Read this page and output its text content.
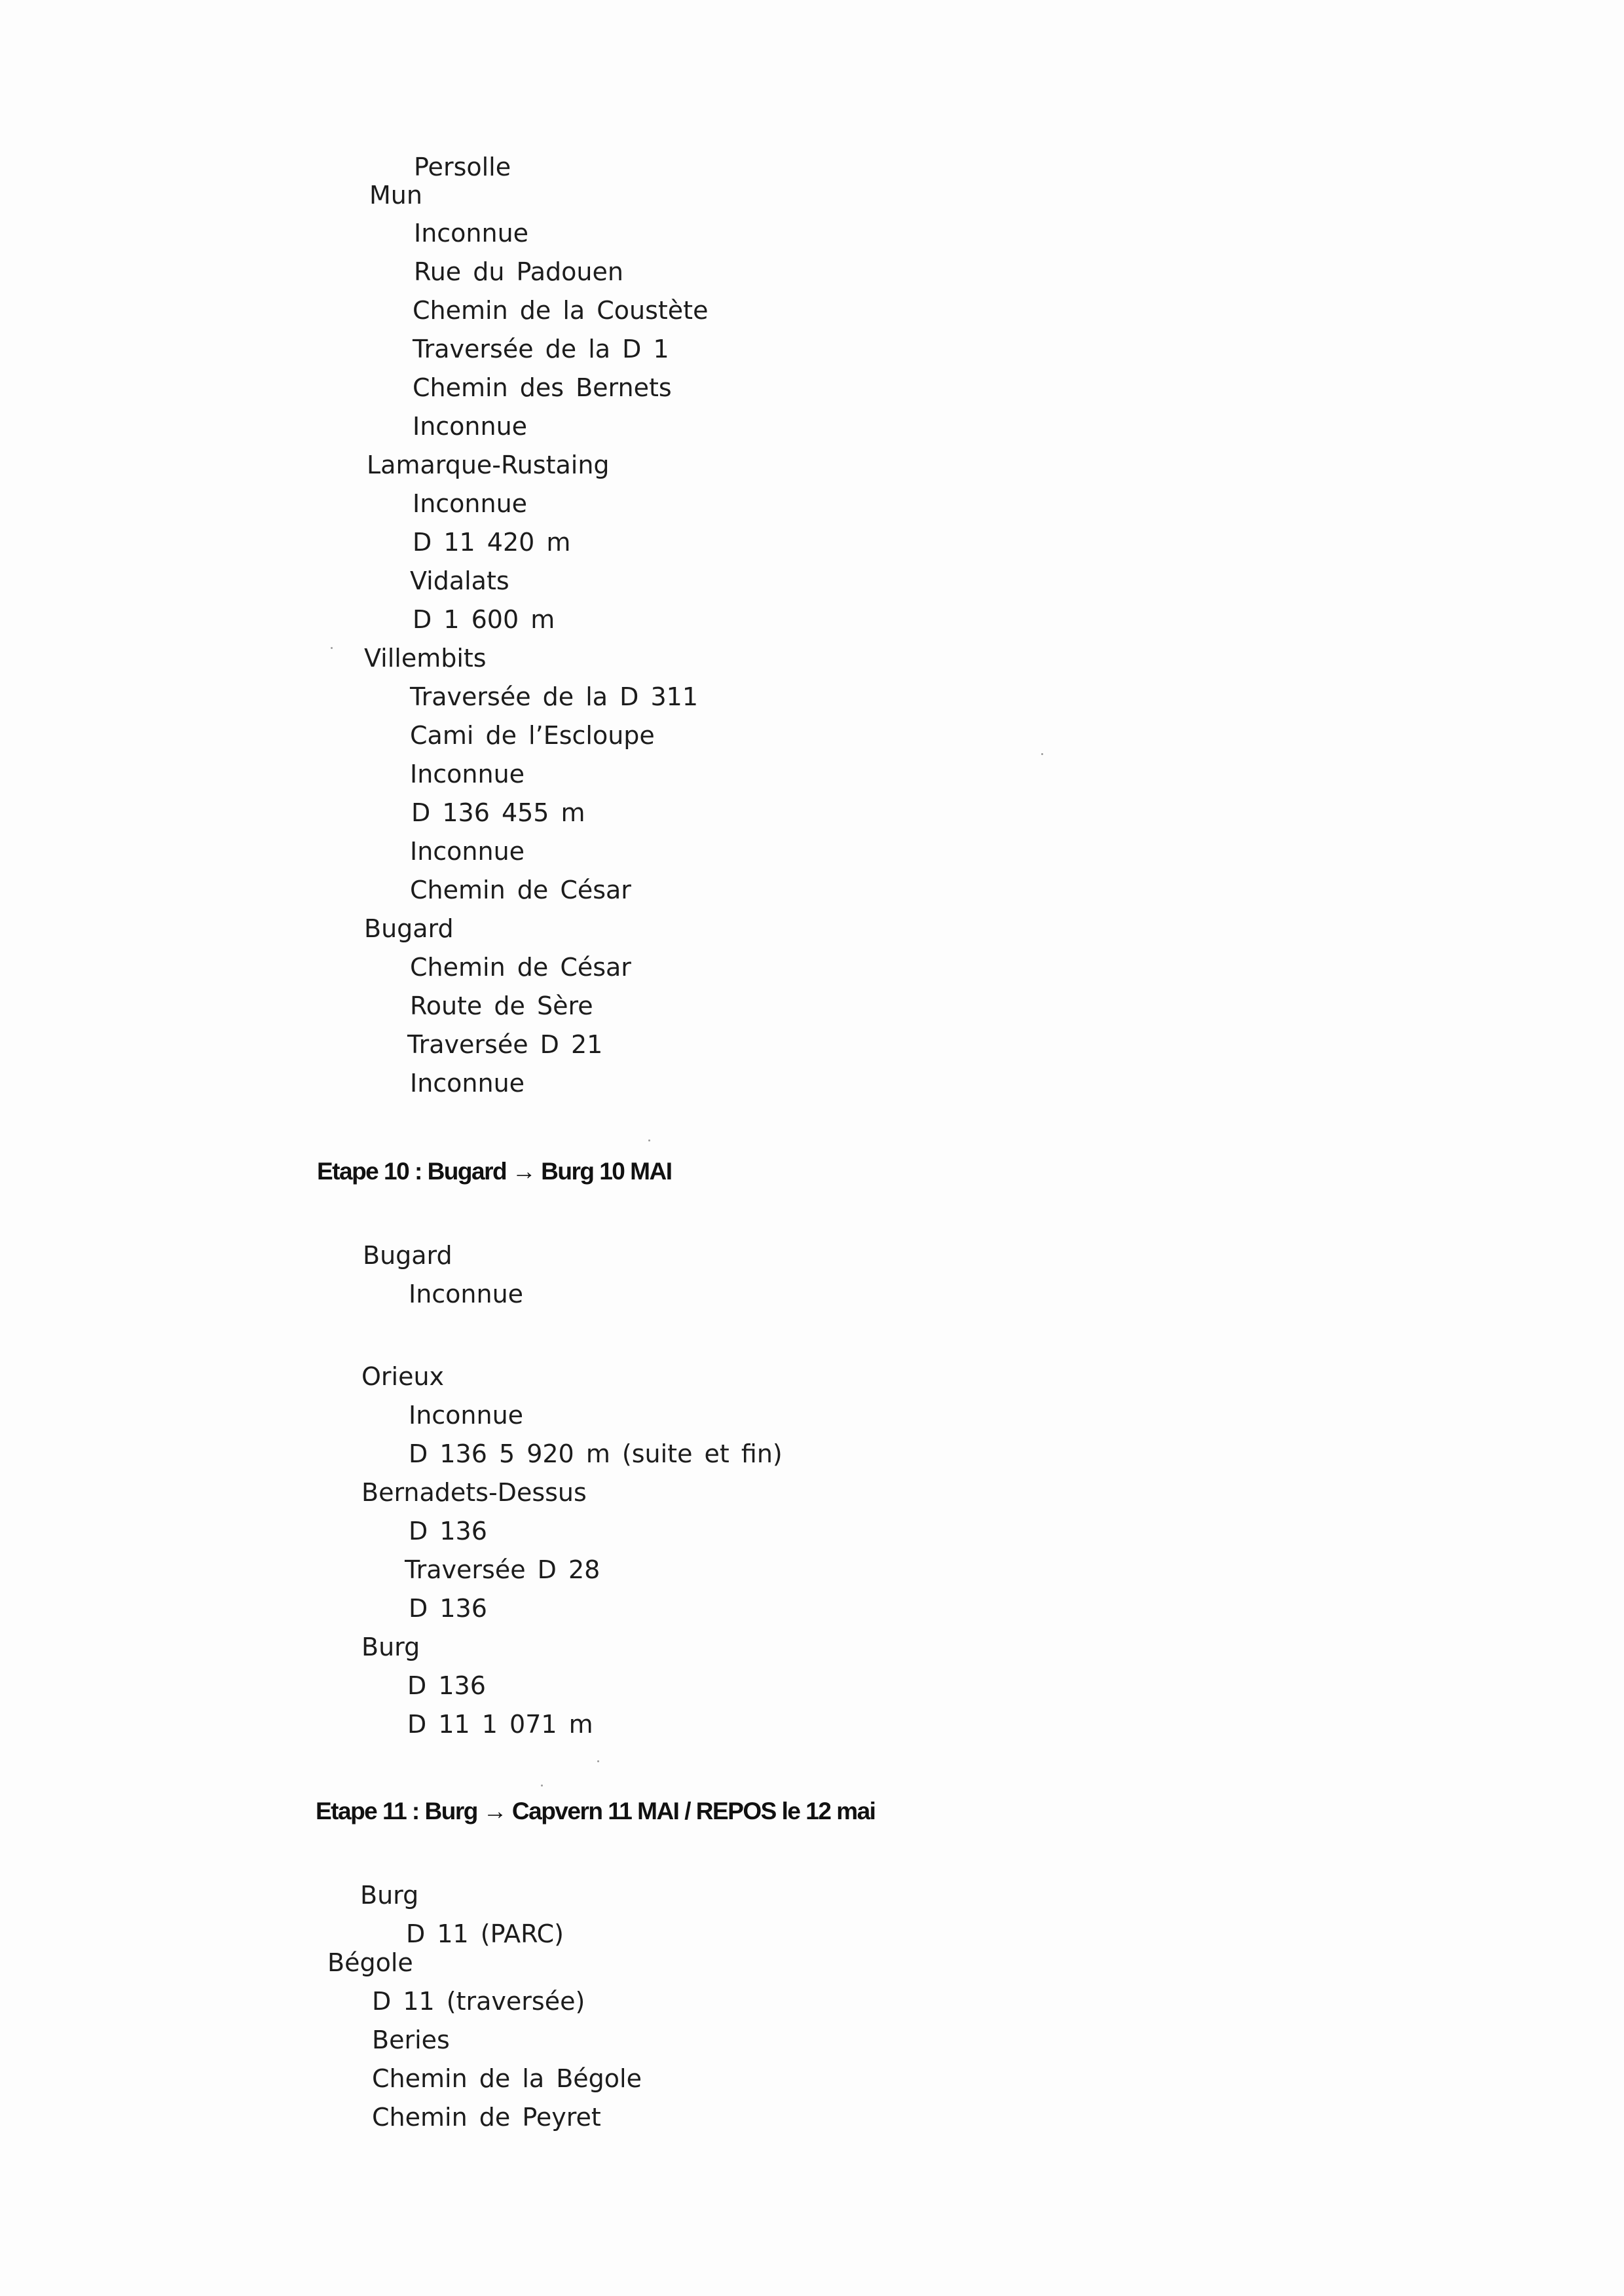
Persolle
Mun
Inconnue
Rue du Padouen
Chemin de la Coustète
Traversée de la D 1
Chemin des Bernets
Inconnue
Lamarque-Rustaing
Inconnue
D 11 420 m
Vidalats
D 1 600 m
Villembits
Traversée de la D 311
Cami de l’Escloupe
Inconnue
D 136 455 m
Inconnue
Chemin de César
Bugard
Chemin de César
Route de Sère
Traversée D 21
Inconnue
Etape 10 : Bugard → Burg 10 MAI
Bugard
Inconnue
Orieux
Inconnue
D 136 5 920 m (suite et fin)
Bernadets-Dessus
D 136
Traversée D 28
D 136
Burg
D 136
D 11 1 071 m
Etape 11 : Burg → Capvern 11 MAI / REPOS le 12 mai
Burg
D 11 (PARC)
Bégole
D 11 (traversée)
Beries
Chemin de la Bégole
Chemin de Peyret
